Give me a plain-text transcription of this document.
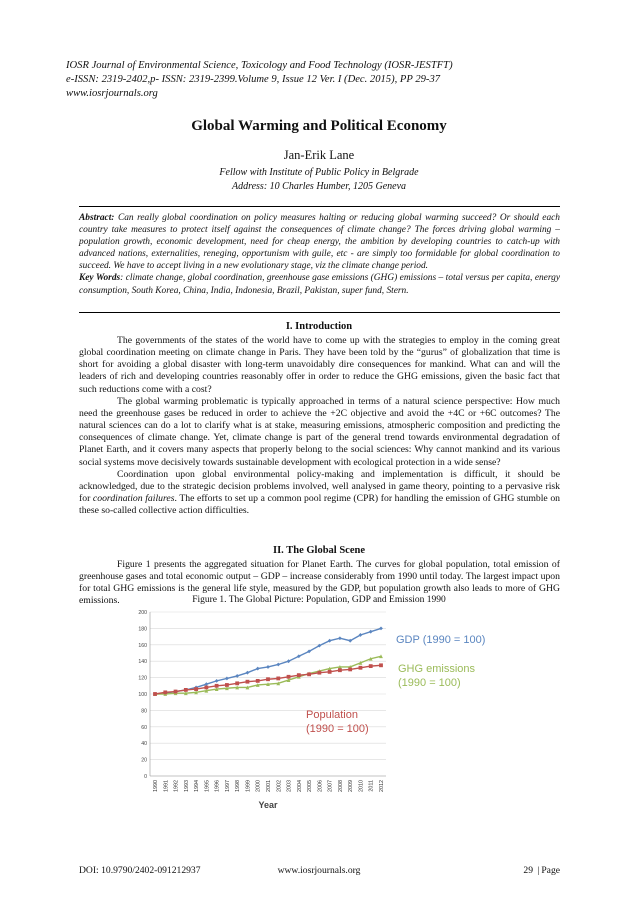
IOSR Journal of Environmental Science, Toxicology and Food Technology (IOSR-JESTFT)
e-ISSN: 2319-2402,p- ISSN: 2319-2399.Volume 9, Issue 12 Ver. I (Dec. 2015), PP 29-37
www.iosrjournals.org
Global Warming and Political Economy
Jan-Erik Lane
Fellow with Institute of Public Policy in Belgrade
Address: 10 Charles Humber, 1205 Geneva
Abstract: Can really global coordination on policy measures halting or reducing global warming succeed? Or should each country take measures to protect itself against the consequences of climate change? The forces driving global warming – population growth, economic development, need for cheap energy, the ambition by developing countries to catch-up with advanced nations, externalities, reneging, opportunism with guile, etc - are simply too formidable for global coordination to succeed. We have to accept living in a new evolutionary stage, viz the climate change period.
Key Words: climate change, global coordination, greenhouse gase emissions (GHG) emissions – total versus per capita, energy consumption, South Korea, China, India, Indonesia, Brazil, Pakistan, super fund, Stern.
I. Introduction

The governments of the states of the world have to come up with the strategies to employ in the coming great global coordination meeting on climate change in Paris. They have been told by the “gurus” of globalization that time is short for avoiding a global disaster with long-term unavoidably dire consequences for mankind. What can and will the leaders of rich and developing countries reasonably offer in order to reduce the GHG emissions, given the basic fact that such reductions come with a cost?

The global warming problematic is typically approached in terms of a natural science perspective: How much need the greenhouse gases be reduced in order to achieve the +2C objective and avoid the +4C or +6C outcomes? The natural sciences can do a lot to clarify what is at stake, measuring emissions, atmospheric composition and predicting the consequences of climate change. Yet, climate change is part of the general trend towards environmental degradation of Planet Earth, and it covers many aspects that properly belong to the social sciences: Why cannot mankind and its various social systems move decisively towards sustainable development with ecological protection in a wide sense?

Coordination upon global environmental policy-making and implementation is difficult, it should be acknowledged, due to the strategic decision problems involved, well analysed in game theory, pointing to a pervasive risk for coordination failures. The efforts to set up a common pool regime (CPR) for handling the emission of GHG stumble on these so-called collective action difficulties.

II. The Global Scene

Figure 1 presents the aggregated situation for Planet Earth. The curves for global population, total emission of greenhouse gases and total economic output – GDP – increase considerably from 1990 until today. The largest impact upon for total GHG emissions is the general life style, measured by the GDP, but population growth also leads to more of GHG emissions.	Figure 1. The Global Picture: Population, GDP and Emission 1990
0
20
40
60
80
100
120
140
160
180
200
1990 1991 1992 1993 1994 1995 1996 1997 1998 1999 2000 2001 2002 2003 2004 2005 2006 2007 2008 2009 2010 2011 2012
Year
GDP (1990 = 100)
GHG emissions
(1990 = 100)
Population
(1990 = 100)
DOI: 10.9790/2402-091212937	www.iosrjournals.org	29 | Page
